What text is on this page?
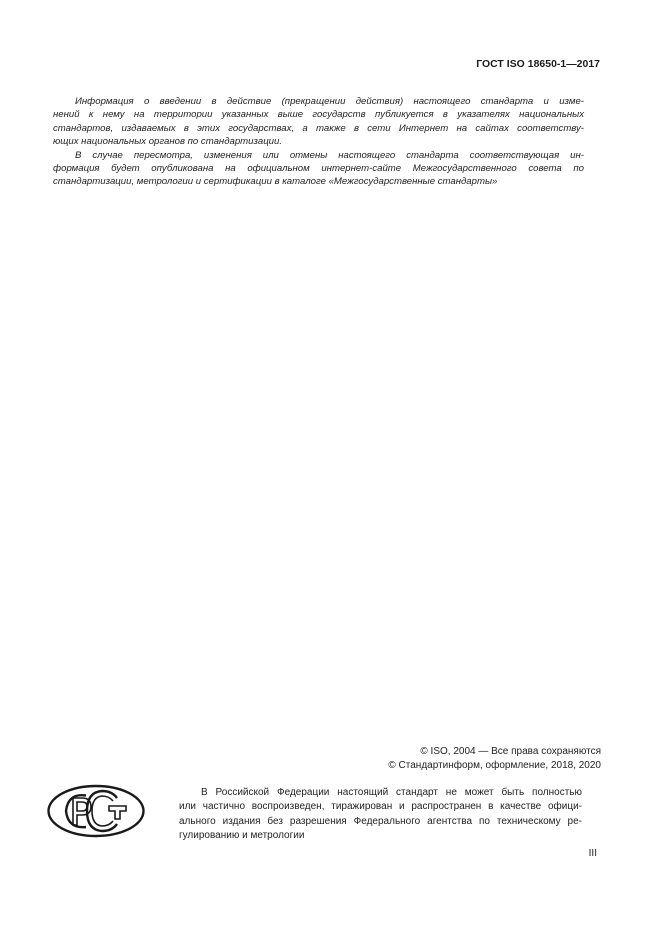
ГОСТ ISO 18650-1—2017
Информация о введении в действие (прекращении действия) настоящего стандарта и изме-
нений к нему на территории указанных выше государств публикуется в указателях национальных
стандартов, издаваемых в этих государствах, а также в сети Интернет на сайтах соответству-
ющих национальных органов по стандартизации.
В случае пересмотра, изменения или отмены настоящего стандарта соответствующая ин-
формация будет опубликована на официальном интернет-сайте Межгосударственного совета по
стандартизации, метрологии и сертификации в каталоге «Межгосударственные стандарты»
© ISO, 2004 — Все права сохраняются
© Стандартинформ, оформление, 2018, 2020
В Российской Федерации настоящий стандарт не может быть полностью
или частично воспроизведен, тиражирован и распространен в качестве офици-
ального издания без разрешения Федерального агентства по техническому ре-
гулированию и метрологии
III
